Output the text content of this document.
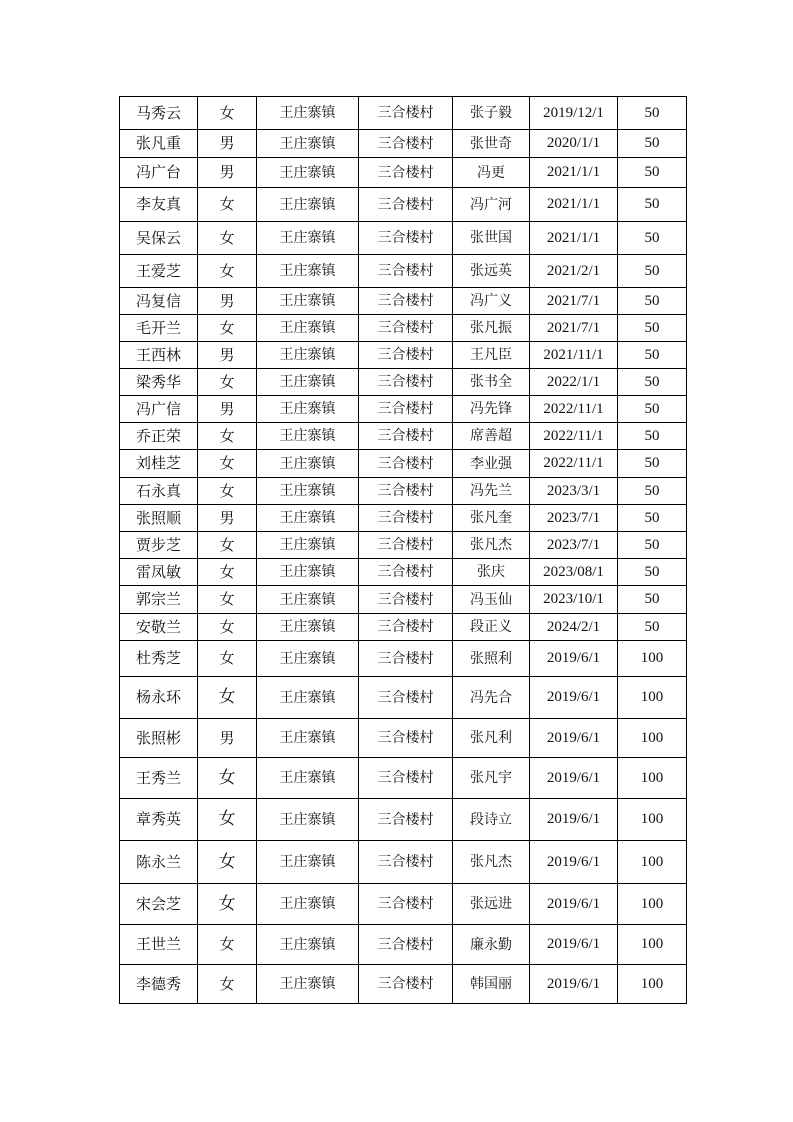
马秀云	女	王庄寨镇	三合楼村	张子毅	2019/12/1	50
张凡重	男	王庄寨镇	三合楼村	张世奇	2020/1/1	50
冯广台	男	王庄寨镇	三合楼村	冯更	2021/1/1	50
李友真	女	王庄寨镇	三合楼村	冯广河	2021/1/1	50
吴保云	女	王庄寨镇	三合楼村	张世国	2021/1/1	50
王爱芝	女	王庄寨镇	三合楼村	张远英	2021/2/1	50
冯复信	男	王庄寨镇	三合楼村	冯广义	2021/7/1	50
毛开兰	女	王庄寨镇	三合楼村	张凡振	2021/7/1	50
王西林	男	王庄寨镇	三合楼村	王凡臣	2021/11/1	50
梁秀华	女	王庄寨镇	三合楼村	张书全	2022/1/1	50
冯广信	男	王庄寨镇	三合楼村	冯先锋	2022/11/1	50
乔正荣	女	王庄寨镇	三合楼村	席善超	2022/11/1	50
刘桂芝	女	王庄寨镇	三合楼村	李业强	2022/11/1	50
石永真	女	王庄寨镇	三合楼村	冯先兰	2023/3/1	50
张照顺	男	王庄寨镇	三合楼村	张凡奎	2023/7/1	50
贾步芝	女	王庄寨镇	三合楼村	张凡杰	2023/7/1	50
雷凤敏	女	王庄寨镇	三合楼村	张庆	2023/08/1	50
郭宗兰	女	王庄寨镇	三合楼村	冯玉仙	2023/10/1	50
安敬兰	女	王庄寨镇	三合楼村	段正义	2024/2/1	50
杜秀芝	女	王庄寨镇	三合楼村	张照利	2019/6/1	100
杨永环	女	王庄寨镇	三合楼村	冯先合	2019/6/1	100
张照彬	男	王庄寨镇	三合楼村	张凡利	2019/6/1	100
王秀兰	女	王庄寨镇	三合楼村	张凡宇	2019/6/1	100
章秀英	女	王庄寨镇	三合楼村	段诗立	2019/6/1	100
陈永兰	女	王庄寨镇	三合楼村	张凡杰	2019/6/1	100
宋会芝	女	王庄寨镇	三合楼村	张远进	2019/6/1	100
王世兰	女	王庄寨镇	三合楼村	廉永勤	2019/6/1	100
李德秀	女	王庄寨镇	三合楼村	韩国丽	2019/6/1	100
